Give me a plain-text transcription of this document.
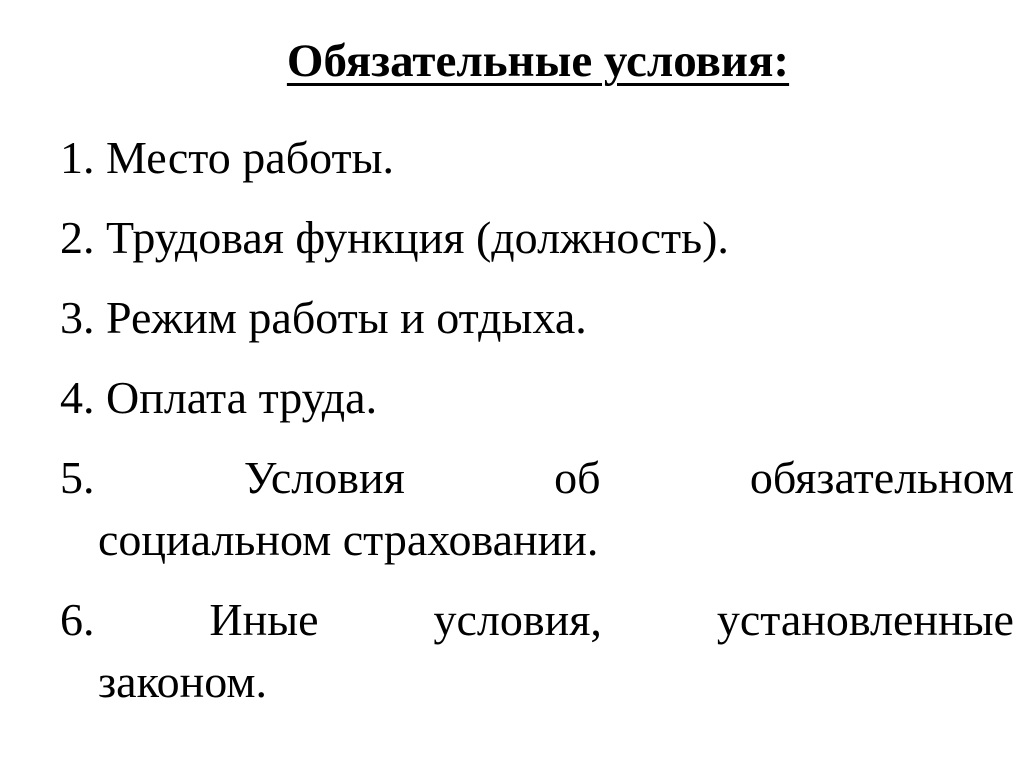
Обязательные условия:
1. Место работы.
2. Трудовая функция (должность).
3. Режим работы и отдыха.
4. Оплата труда.
5.	Условия	об	обязательном
социальном страховании.
6. Иные условия, установленные
законом.
